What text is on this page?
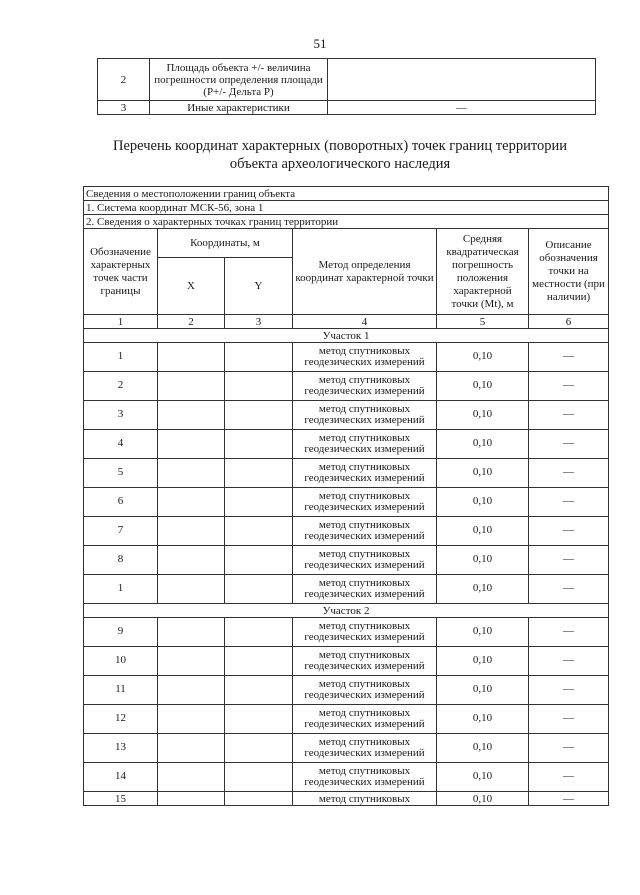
51
2	Площадь объекта +/- величина погрешности определения площади (Р+/- Дельта Р)	
3	Иные характеристики	—
Перечень координат характерных (поворотных) точек границ территории
объекта археологического наследия
Сведения о местоположении границ объекта					
1. Система координат МСК-56, зона 1					
2. Сведения о характерных точках границ территории					
Обозначение характерных точек части границы	Координаты, м		Метод определения координат характерной точки	Средняя квадратическая погрешность положения характерной точки (Mt), м	Описание обозначения точки на местности (при наличии)
	X	Y			
1	2	3	4	5	6
Участок 1					
1			метод спутниковых геодезических измерений	0,10	—
2			метод спутниковых геодезических измерений	0,10	—
3			метод спутниковых геодезических измерений	0,10	—
4			метод спутниковых геодезических измерений	0,10	—
5			метод спутниковых геодезических измерений	0,10	—
6			метод спутниковых геодезических измерений	0,10	—
7			метод спутниковых геодезических измерений	0,10	—
8			метод спутниковых геодезических измерений	0,10	—
1			метод спутниковых геодезических измерений	0,10	—
Участок 2					
9			метод спутниковых геодезических измерений	0,10	—
10			метод спутниковых геодезических измерений	0,10	—
11			метод спутниковых геодезических измерений	0,10	—
12			метод спутниковых геодезических измерений	0,10	—
13			метод спутниковых геодезических измерений	0,10	—
14			метод спутниковых геодезических измерений	0,10	—
15			метод спутниковых	0,10	—
